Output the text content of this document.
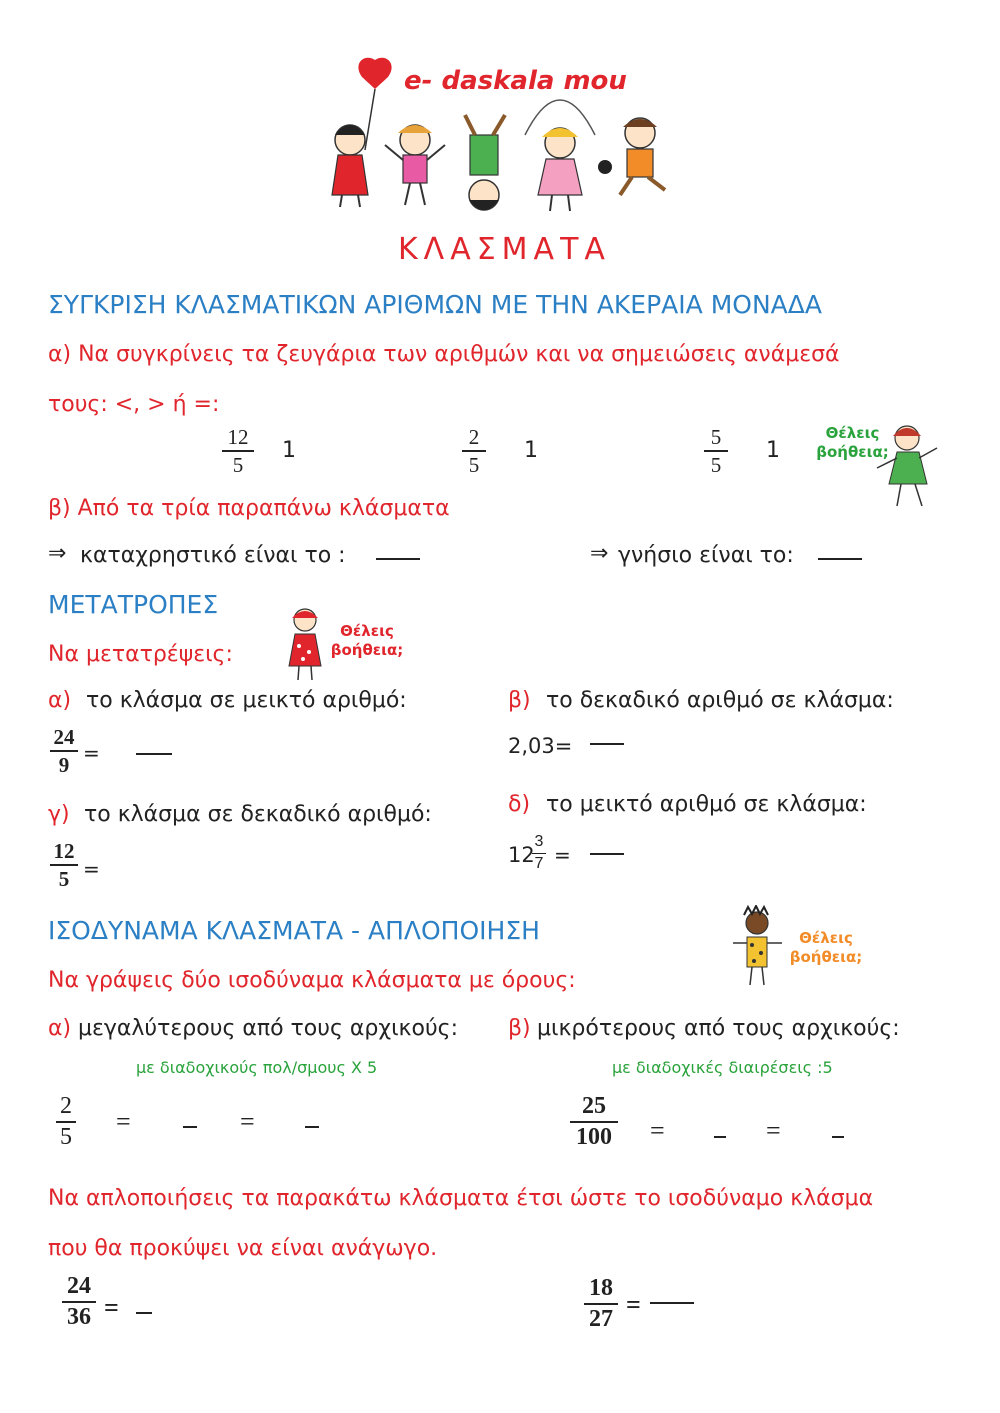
e- daskala mou
ΚΛΑΣΜΑΤΑ
ΣΥΓΚΡΙΣΗ ΚΛΑΣΜΑΤΙΚΩΝ ΑΡΙΘΜΩΝ ΜΕ ΤΗΝ ΑΚΕΡΑΙΑ ΜΟΝΑΔΑ
α) Να συγκρίνεις τα ζευγάρια των αριθμών και να σημειώσεις ανάμεσά
τους: <, > ή =:
12
5
1
2
5
1
5
5
1
Θέλεις
βοήθεια;
β) Από τα τρία παραπάνω κλάσματα
⇒ καταχρηστικό είναι το :	⇒ γνήσιο είναι το:
ΜΕΤΑΤΡΟΠΕΣ
Να μετατρέψεις:
Θέλεις
βοήθεια;
α) το κλάσμα σε μεικτό αριθμό:
24
9
=
β) το δεκαδικό αριθμό σε κλάσμα:
2,03=
γ) το κλάσμα σε δεκαδικό αριθμό:
12
5 =
δ) το μεικτό αριθμό σε κλάσμα:
12
3
7 =
ΙΣΟΔΥΝΑΜΑ ΚΛΑΣΜΑΤΑ - ΑΠΛΟΠΟΙΗΣΗ	Θέλεις
βοήθεια;
Να γράψεις δύο ισοδύναμα κλάσματα με όρους:
α) μεγαλύτερους από τους αρχικούς: β) μικρότερους από τους αρχικούς:
με διαδοχικούς πολ/σμους Χ 5	με διαδοχικές διαιρέσεις :5
2
5
=	=
25
100 =	=
Να απλοποιήσεις τα παρακάτω κλάσματα έτσι ώστε το ισοδύναμο κλάσμα
που θα προκύψει να είναι ανάγωγο.
24
36 =
18
27
=
